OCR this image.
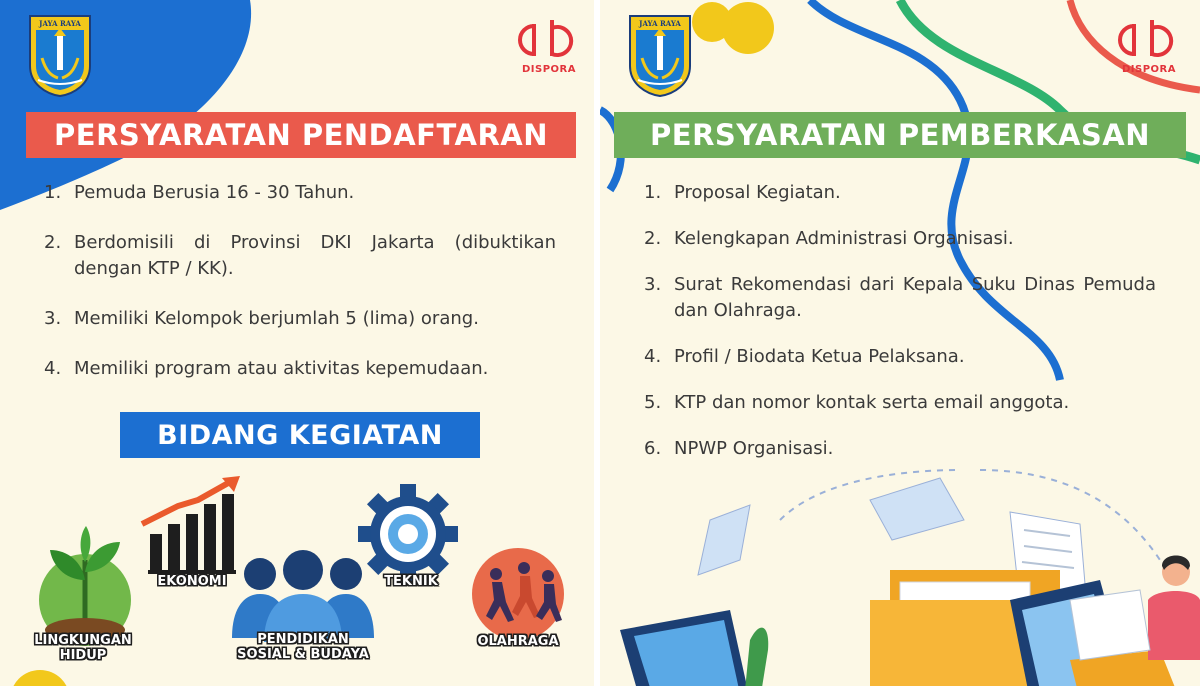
JAYA RAYA
DISPORA
PERSYARATAN PENDAFTARAN
1. Pemuda Berusia 16 - 30 Tahun.
2. Berdomisili di Provinsi DKI Jakarta (dibuktikan dengan KTP / KK).
3. Memiliki Kelompok berjumlah 5 (lima) orang.
4. Memiliki program atau aktivitas kepemudaan.
BIDANG KEGIATAN
LINGKUNGAN
HIDUP
EKONOMI
PENDIDIKAN
SOSIAL & BUDAYA
TEKNIK
OLAHRAGA
JAYA RAYA
DISPORA
PERSYARATAN PEMBERKASAN
1. Proposal Kegiatan.
2. Kelengkapan Administrasi Organisasi.
3. Surat Rekomendasi dari Kepala Suku Dinas Pemuda dan Olahraga.
4. Profil / Biodata Ketua Pelaksana.
5. KTP dan nomor kontak serta email anggota.
6. NPWP Organisasi.
